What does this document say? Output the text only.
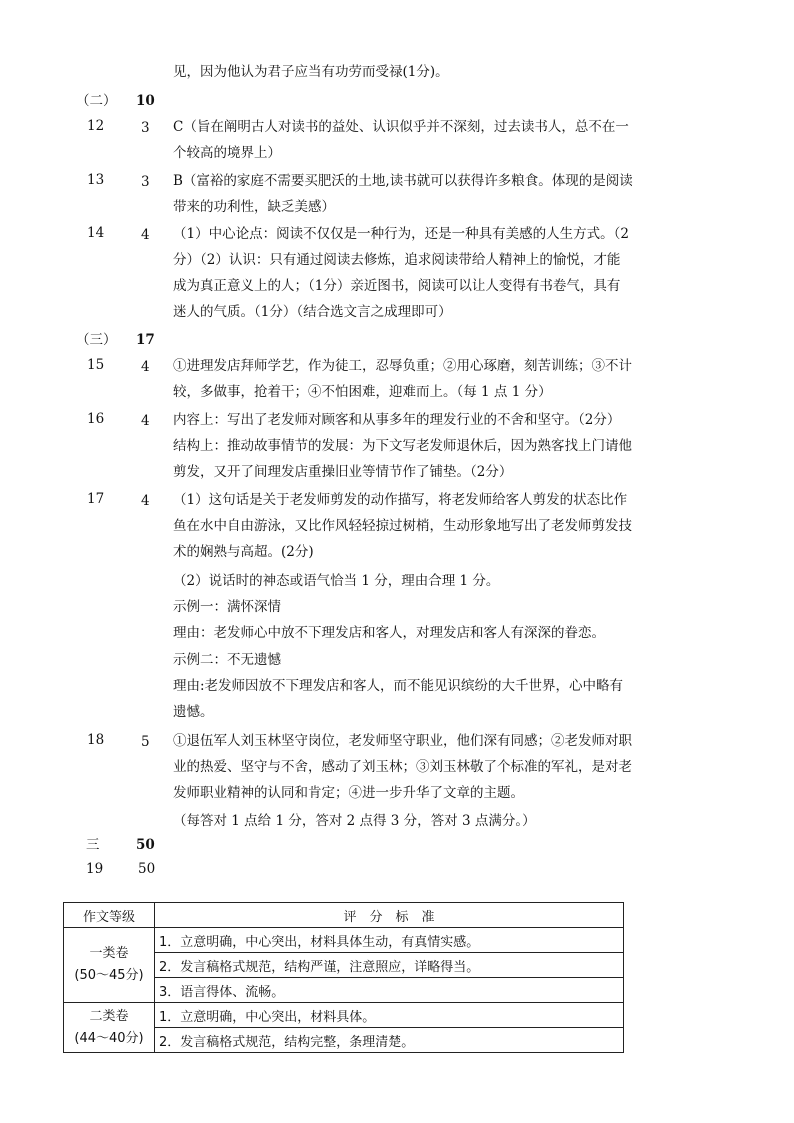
见，因为他认为君子应当有功劳而受禄(1分)。
（二） 10
12	3 C（旨在阐明古人对读书的益处、认识似乎并不深刻，过去读书人，总不在一个较高的境界上）
13	3 B（富裕的家庭不需要买肥沃的土地,读书就可以获得许多粮食。体现的是阅读带来的功利性，缺乏美感）
14	4 （1）中心论点：阅读不仅仅是一种行为，还是一种具有美感的人生方式。（2分）（2）认识：只有通过阅读去修炼，追求阅读带给人精神上的愉悦，才能成为真正意义上的人；（1分）亲近图书，阅读可以让人变得有书卷气，具有迷人的气质。（1分）（结合选文言之成理即可）
（三） 17
15	4 ①进理发店拜师学艺，作为徒工，忍辱负重；②用心琢磨，刻苦训练；③不计较，多做事，抢着干；④不怕困难，迎难而上。（每 1 点 1 分）
16	4 内容上：写出了老发师对顾客和从事多年的理发行业的不舍和坚守。（2分）结构上：推动故事情节的发展：为下文写老发师退休后，因为熟客找上门请他剪发，又开了间理发店重操旧业等情节作了铺垫。（2分）
17	4 （1）这句话是关于老发师剪发的动作描写，将老发师给客人剪发的状态比作鱼在水中自由游泳，又比作风轻轻掠过树梢，生动形象地写出了老发师剪发技术的娴熟与高超。(2分)
（2）说话时的神态或语气恰当 1 分，理由合理 1 分。
示例一：满怀深情
理由：老发师心中放不下理发店和客人，对理发店和客人有深深的眷恋。
示例二：不无遗憾
理由:老发师因放不下理发店和客人，而不能见识缤纷的大千世界，心中略有遗憾。
18	5 ①退伍军人刘玉林坚守岗位，老发师坚守职业，他们深有同感；②老发师对职业的热爱、坚守与不舍，感动了刘玉林；③刘玉林敬了个标准的军礼，是对老发师职业精神的认同和肯定；④进一步升华了文章的主题。
（每答对 1 点给 1 分，答对 2 点得 3 分，答对 3 点满分。）
三	50
19	50
作文等级	评　分　标　准

一类卷
(50～45分)	1．立意明确，中心突出，材料具体生动，有真情实感。
	2．发言稿格式规范，结构严谨，注意照应，详略得当。
	3．语言得体、流畅。

二类卷
(44～40分)	1．立意明确，中心突出，材料具体。
	2．发言稿格式规范，结构完整，条理清楚。
